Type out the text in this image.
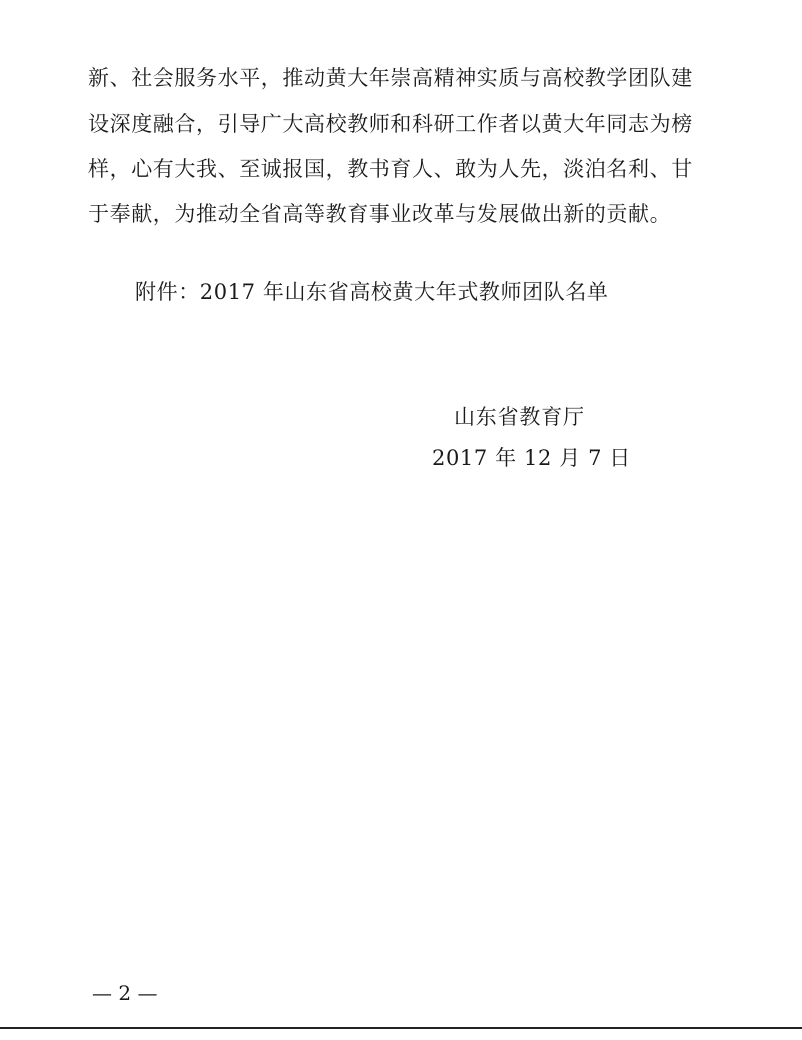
新、社会服务水平，推动黄大年崇高精神实质与高校教学团队建
设深度融合，引导广大高校教师和科研工作者以黄大年同志为榜
样，心有大我、至诚报国，教书育人、敢为人先，淡泊名利、甘
于奉献，为推动全省高等教育事业改革与发展做出新的贡献。
附件：2017 年山东省高校黄大年式教师团队名单
山东省教育厅
2017 年 12 月 7 日
— 2 —
